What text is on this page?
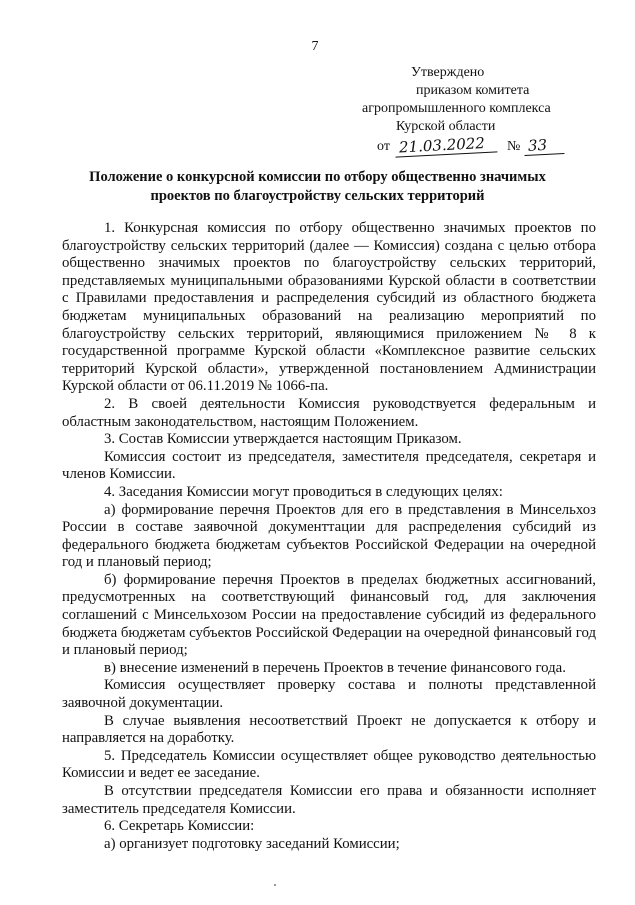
7
Утверждено
приказом комитета
агропромышленного комплекса
Курской области
от 21.03.2022 № 33
Положение о конкурсной комиссии по отбору общественно значимых проектов по благоустройству сельских территорий

1. Конкурсная комиссия по отбору общественно значимых проектов по благоустройству сельских территорий (далее — Комиссия) создана с целью отбора общественно значимых проектов по благоустройству сельских территорий, представляемых муниципальными образованиями Курской области в соответствии с Правилами предоставления и распределения субсидий из областного бюджета бюджетам муниципальных образований на реализацию мероприятий по благоустройству сельских территорий, являющимися приложением № 8 к государственной программе Курской области «Комплексное развитие сельских территорий Курской области», утвержденной постановлением Администрации Курской области от 06.11.2019 № 1066-па.

2. В своей деятельности Комиссия руководствуется федеральным и областным законодательством, настоящим Положением.

3. Состав Комиссии утверждается настоящим Приказом.

Комиссия состоит из председателя, заместителя председателя, секретаря и членов Комиссии.

4. Заседания Комиссии могут проводиться в следующих целях:

а) формирование перечня Проектов для его в представления в Минсельхоз России в составе заявочной документтации для распределения субсидий из федерального бюджета бюджетам субъектов Российской Федерации на очередной год и плановый период;

б) формирование перечня Проектов в пределах бюджетных ассигнований, предусмотренных на соответствующий финансовый год, для заключения соглашений с Минсельхозом России на предоставление субсидий из федерального бюджета бюджетам субъектов Российской Федерации на очередной финансовый год и плановый период;

в) внесение изменений в перечень Проектов в течение финансового года.

Комиссия осуществляет проверку состава и полноты представленной заявочной документации.

В случае выявления несоответствий Проект не допускается к отбору и направляется на доработку.

5. Председатель Комиссии осуществляет общее руководство деятельностью Комиссии и ведет ее заседание.

В отсутствии председателя Комиссии его права и обязанности исполняет заместитель председателя Комиссии.

6. Секретарь Комиссии:

а) организует подготовку заседаний Комиссии;
